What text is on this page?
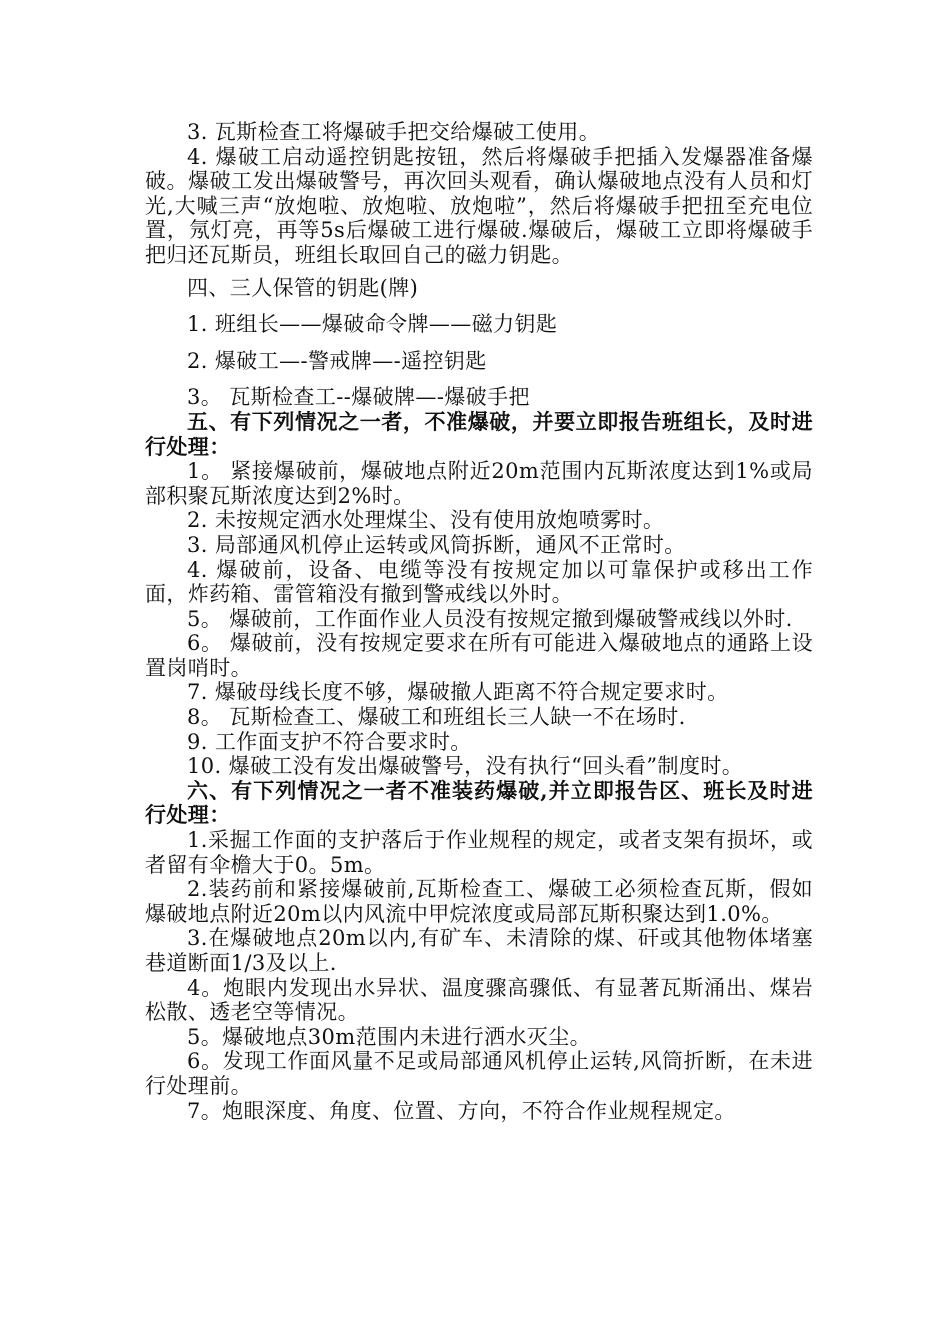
3. 瓦斯检查工将爆破手把交给爆破工使用。

4. 爆破工启动遥控钥匙按钮，然后将爆破手把插入发爆器准备爆破。爆破工发出爆破警号，再次回头观看，确认爆破地点没有人员和灯光,大喊三声“放炮啦、放炮啦、放炮啦”，然后将爆破手把扭至充电位置，氖灯亮，再等5s后爆破工进行爆破.爆破后，爆破工立即将爆破手把归还瓦斯员，班组长取回自己的磁力钥匙。

四、三人保管的钥匙(牌)

1. 班组长——爆破命令牌——磁力钥匙

2. 爆破工—-警戒牌—-遥控钥匙

3。 瓦斯检查工--爆破牌—-爆破手把

五、有下列情况之一者，不准爆破，并要立即报告班组长，及时进行处理：

1。 紧接爆破前，爆破地点附近20m范围内瓦斯浓度达到1%或局部积聚瓦斯浓度达到2%时。

2. 未按规定洒水处理煤尘、没有使用放炮喷雾时。

3. 局部通风机停止运转或风筒拆断，通风不正常时。

4. 爆破前，设备、电缆等没有按规定加以可靠保护或移出工作面，炸药箱、雷管箱没有撤到警戒线以外时。

5。 爆破前，工作面作业人员没有按规定撤到爆破警戒线以外时.

6。 爆破前，没有按规定要求在所有可能进入爆破地点的通路上设置岗哨时。

7. 爆破母线长度不够，爆破撤人距离不符合规定要求时。

8。 瓦斯检查工、爆破工和班组长三人缺一不在场时.

9. 工作面支护不符合要求时。

10. 爆破工没有发出爆破警号，没有执行“回头看”制度时。

六、有下列情况之一者不准装药爆破,并立即报告区、班长及时进行处理：

1.采掘工作面的支护落后于作业规程的规定，或者支架有损坏，或者留有伞檐大于0。5m。

2.装药前和紧接爆破前,瓦斯检查工、爆破工必须检查瓦斯，假如爆破地点附近20m以内风流中甲烷浓度或局部瓦斯积聚达到1.0%。

3.在爆破地点20m以内,有矿车、未清除的煤、矸或其他物体堵塞巷道断面1/3及以上.

4。炮眼内发现出水异状、温度骤高骤低、有显著瓦斯涌出、煤岩松散、透老空等情况。

5。爆破地点30m范围内未进行洒水灭尘。

6。发现工作面风量不足或局部通风机停止运转,风筒折断，在未进行处理前。

7。炮眼深度、角度、位置、方向，不符合作业规程规定。
